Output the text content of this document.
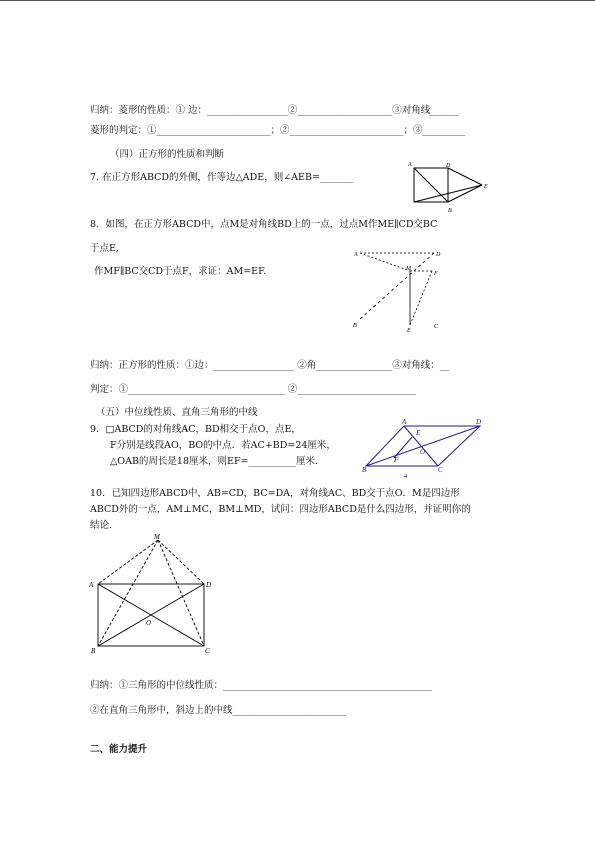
归纳：菱形的性质：① 边：_________________②____________________③对角线______
菱形的判定：①________________________；②________________________；③_________
（四）正方形的性质和判断
7. 在正方形ABCD的外侧，作等边△ADE，则∠AEB=_______
A	D
E
B
8．如图，在正方形ABCD中，点M是对角线BD上的一点，过点M作ME∥CD交BC
于点E,
作MF∥BC交CD于点F，求证：AM=EF.
A	D
M
F
B
E
C
归纳：正方形的性质：①边：_________________ ②角________________③对角线：__
判定：①_________________________________ ②_________________________
（五）中位线性质、直角三角形的中线
9．□ABCD的对角线AC，BD相交于点O，点E，
F分别是线段AO，BO的中点．若AC+BD=24厘米，
△OAB的周长是18厘米，则EF=__________厘米．
A	D
E
O
F
B	C
4
10．已知四边形ABCD中，AB=CD，BC=DA，对角线AC、BD交于点O．M是四边形
ABCD外的一点，AM⊥MC，BM⊥MD，试问：四边形ABCD是什么四边形，并证明你的
结论.
M
A	D
O
B	C
归纳：①三角形的中位线性质：____________________________________________
②在直角三角形中，斜边上的中线________________________
二、能力提升
